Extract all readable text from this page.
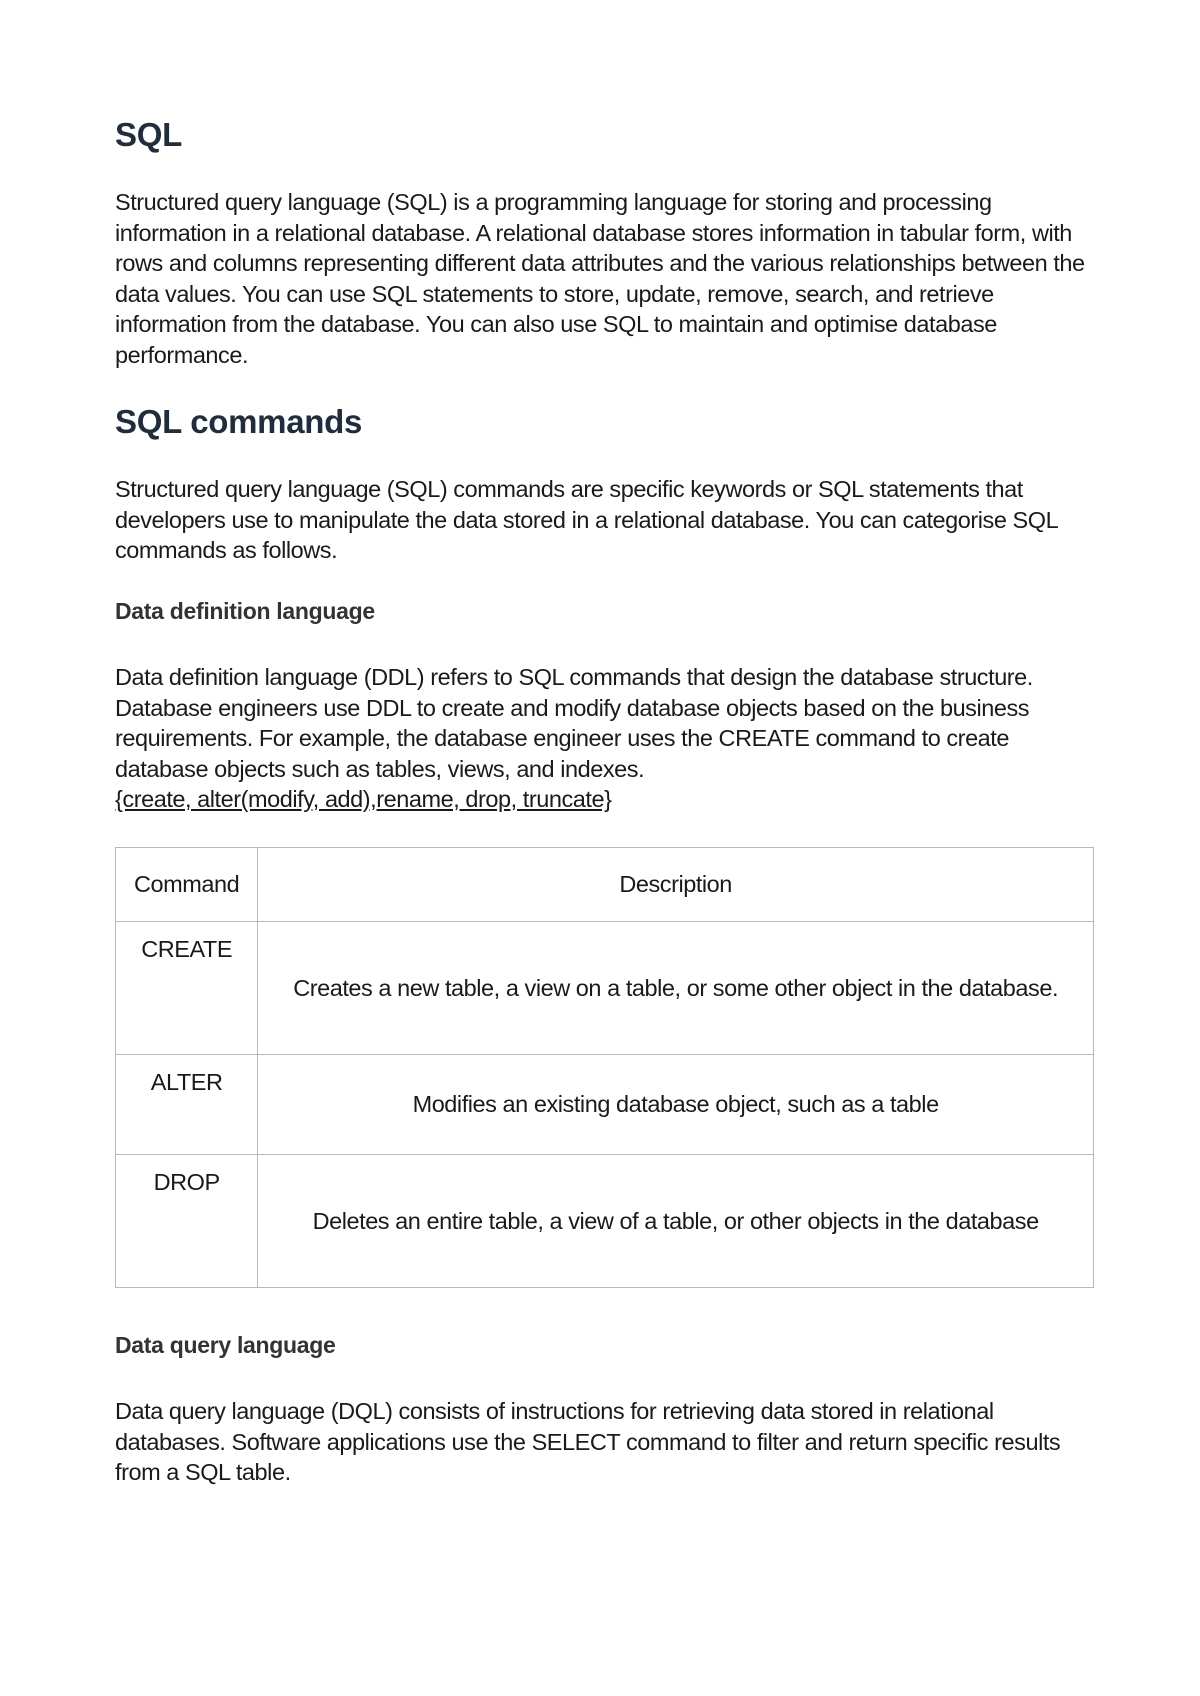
SQL

Structured query language (SQL) is a programming language for storing and processing information in a relational database. A relational database stores information in tabular form, with rows and columns representing different data attributes and the various relationships between the data values. You can use SQL statements to store, update, remove, search, and retrieve information from the database. You can also use SQL to maintain and optimise database performance.

SQL commands

Structured query language (SQL) commands are specific keywords or SQL statements that developers use to manipulate the data stored in a relational database. You can categorise SQL commands as follows.

Data definition language

Data definition language (DDL) refers to SQL commands that design the database structure. Database engineers use DDL to create and modify database objects based on the business requirements. For example, the database engineer uses the CREATE command to create database objects such as tables, views, and indexes.
{create, alter(modify, add),rename, drop, truncate}

Command	Description
CREATE	Creates a new table, a view on a table, or some other object in the database.
ALTER	Modifies an existing database object, such as a table
DROP	Deletes an entire table, a view of a table, or other objects in the database
Data query language

Data query language (DQL) consists of instructions for retrieving data stored in relational databases. Software applications use the SELECT command to filter and return specific results from a SQL table.
